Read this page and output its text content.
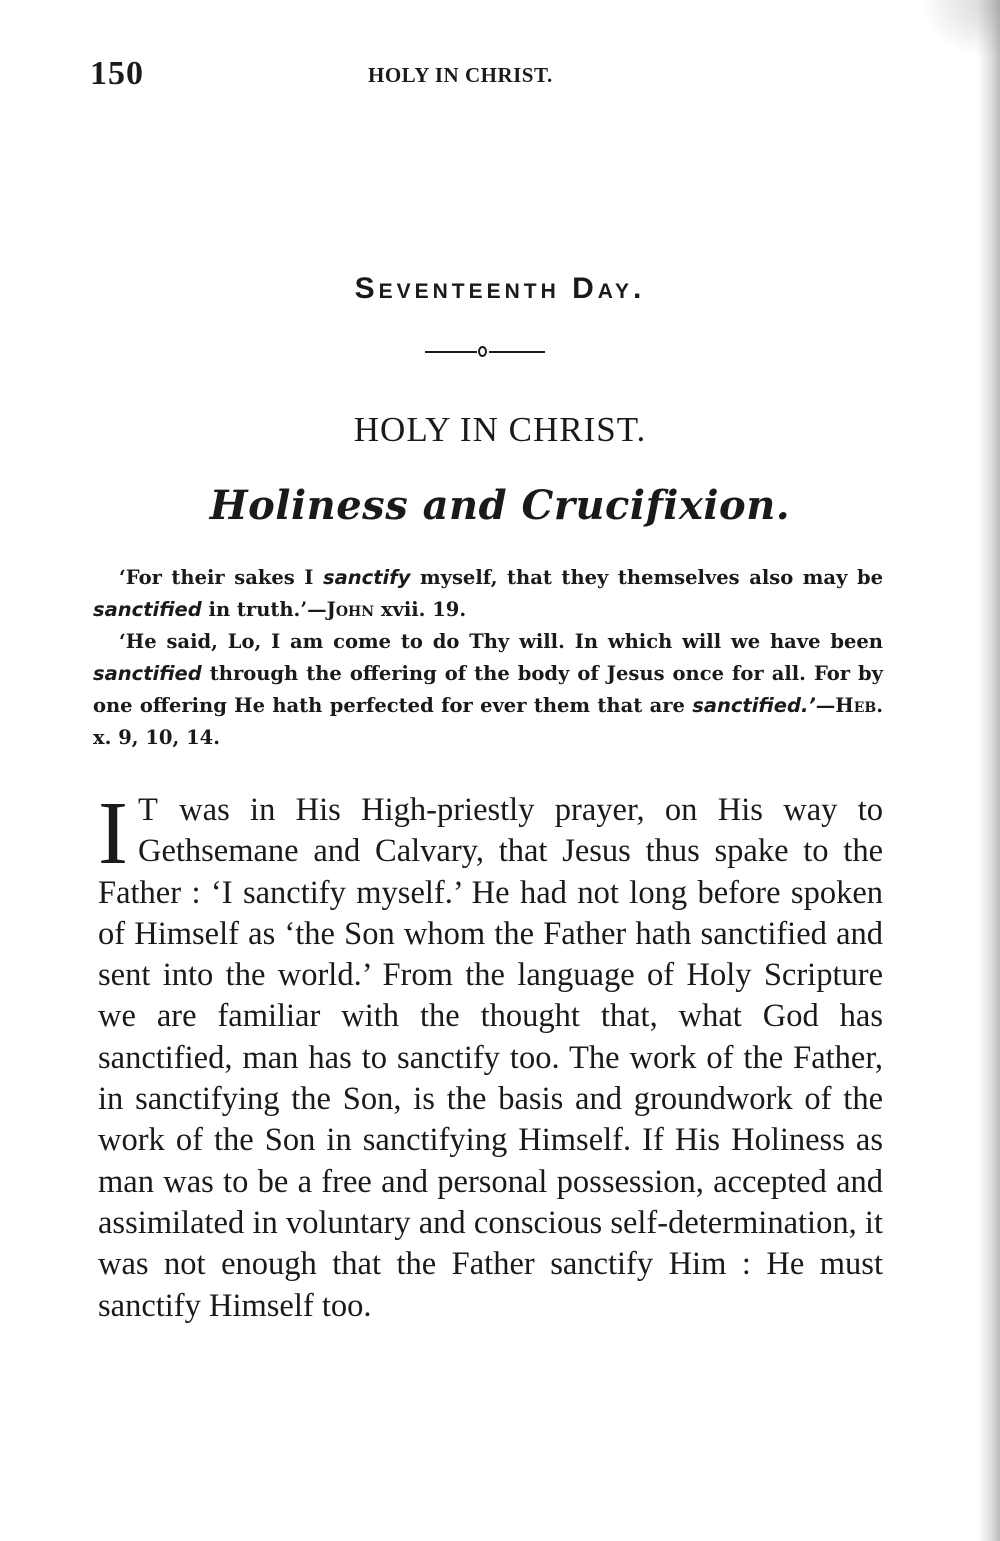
150	HOLY IN CHRIST.
Seventeenth Day.
HOLY IN CHRIST.
Holiness and Crucifixion.

‘For their sakes I sanctify myself, that they themselves also may be sanctified in truth.’—John xvii. 19.

‘He said, Lo, I am come to do Thy will. In which will we have been sanctified through the offering of the body of Jesus once for all. For by one offering He hath perfected for ever them that are sanctified.’—Heb. x. 9, 10, 14.

I T was in His High-priestly prayer, on His way to Gethsemane and Calvary, that Jesus thus spake to the Father : ‘I sanctify myself.’ He had not long before spoken of Himself as ‘the Son whom the Father hath sanctified and sent into the world.’ From the language of Holy Scripture we are familiar with the thought that, what God has sanctified, man has to sanctify too. The work of the Father, in sanctifying the Son, is the basis and groundwork of the work of the Son in sanctifying Himself. If His Holiness as man was to be a free and personal possession, accepted and assimilated in voluntary and conscious self-determination, it was not enough that the Father sanctify Him : He must sanctify Himself too.
